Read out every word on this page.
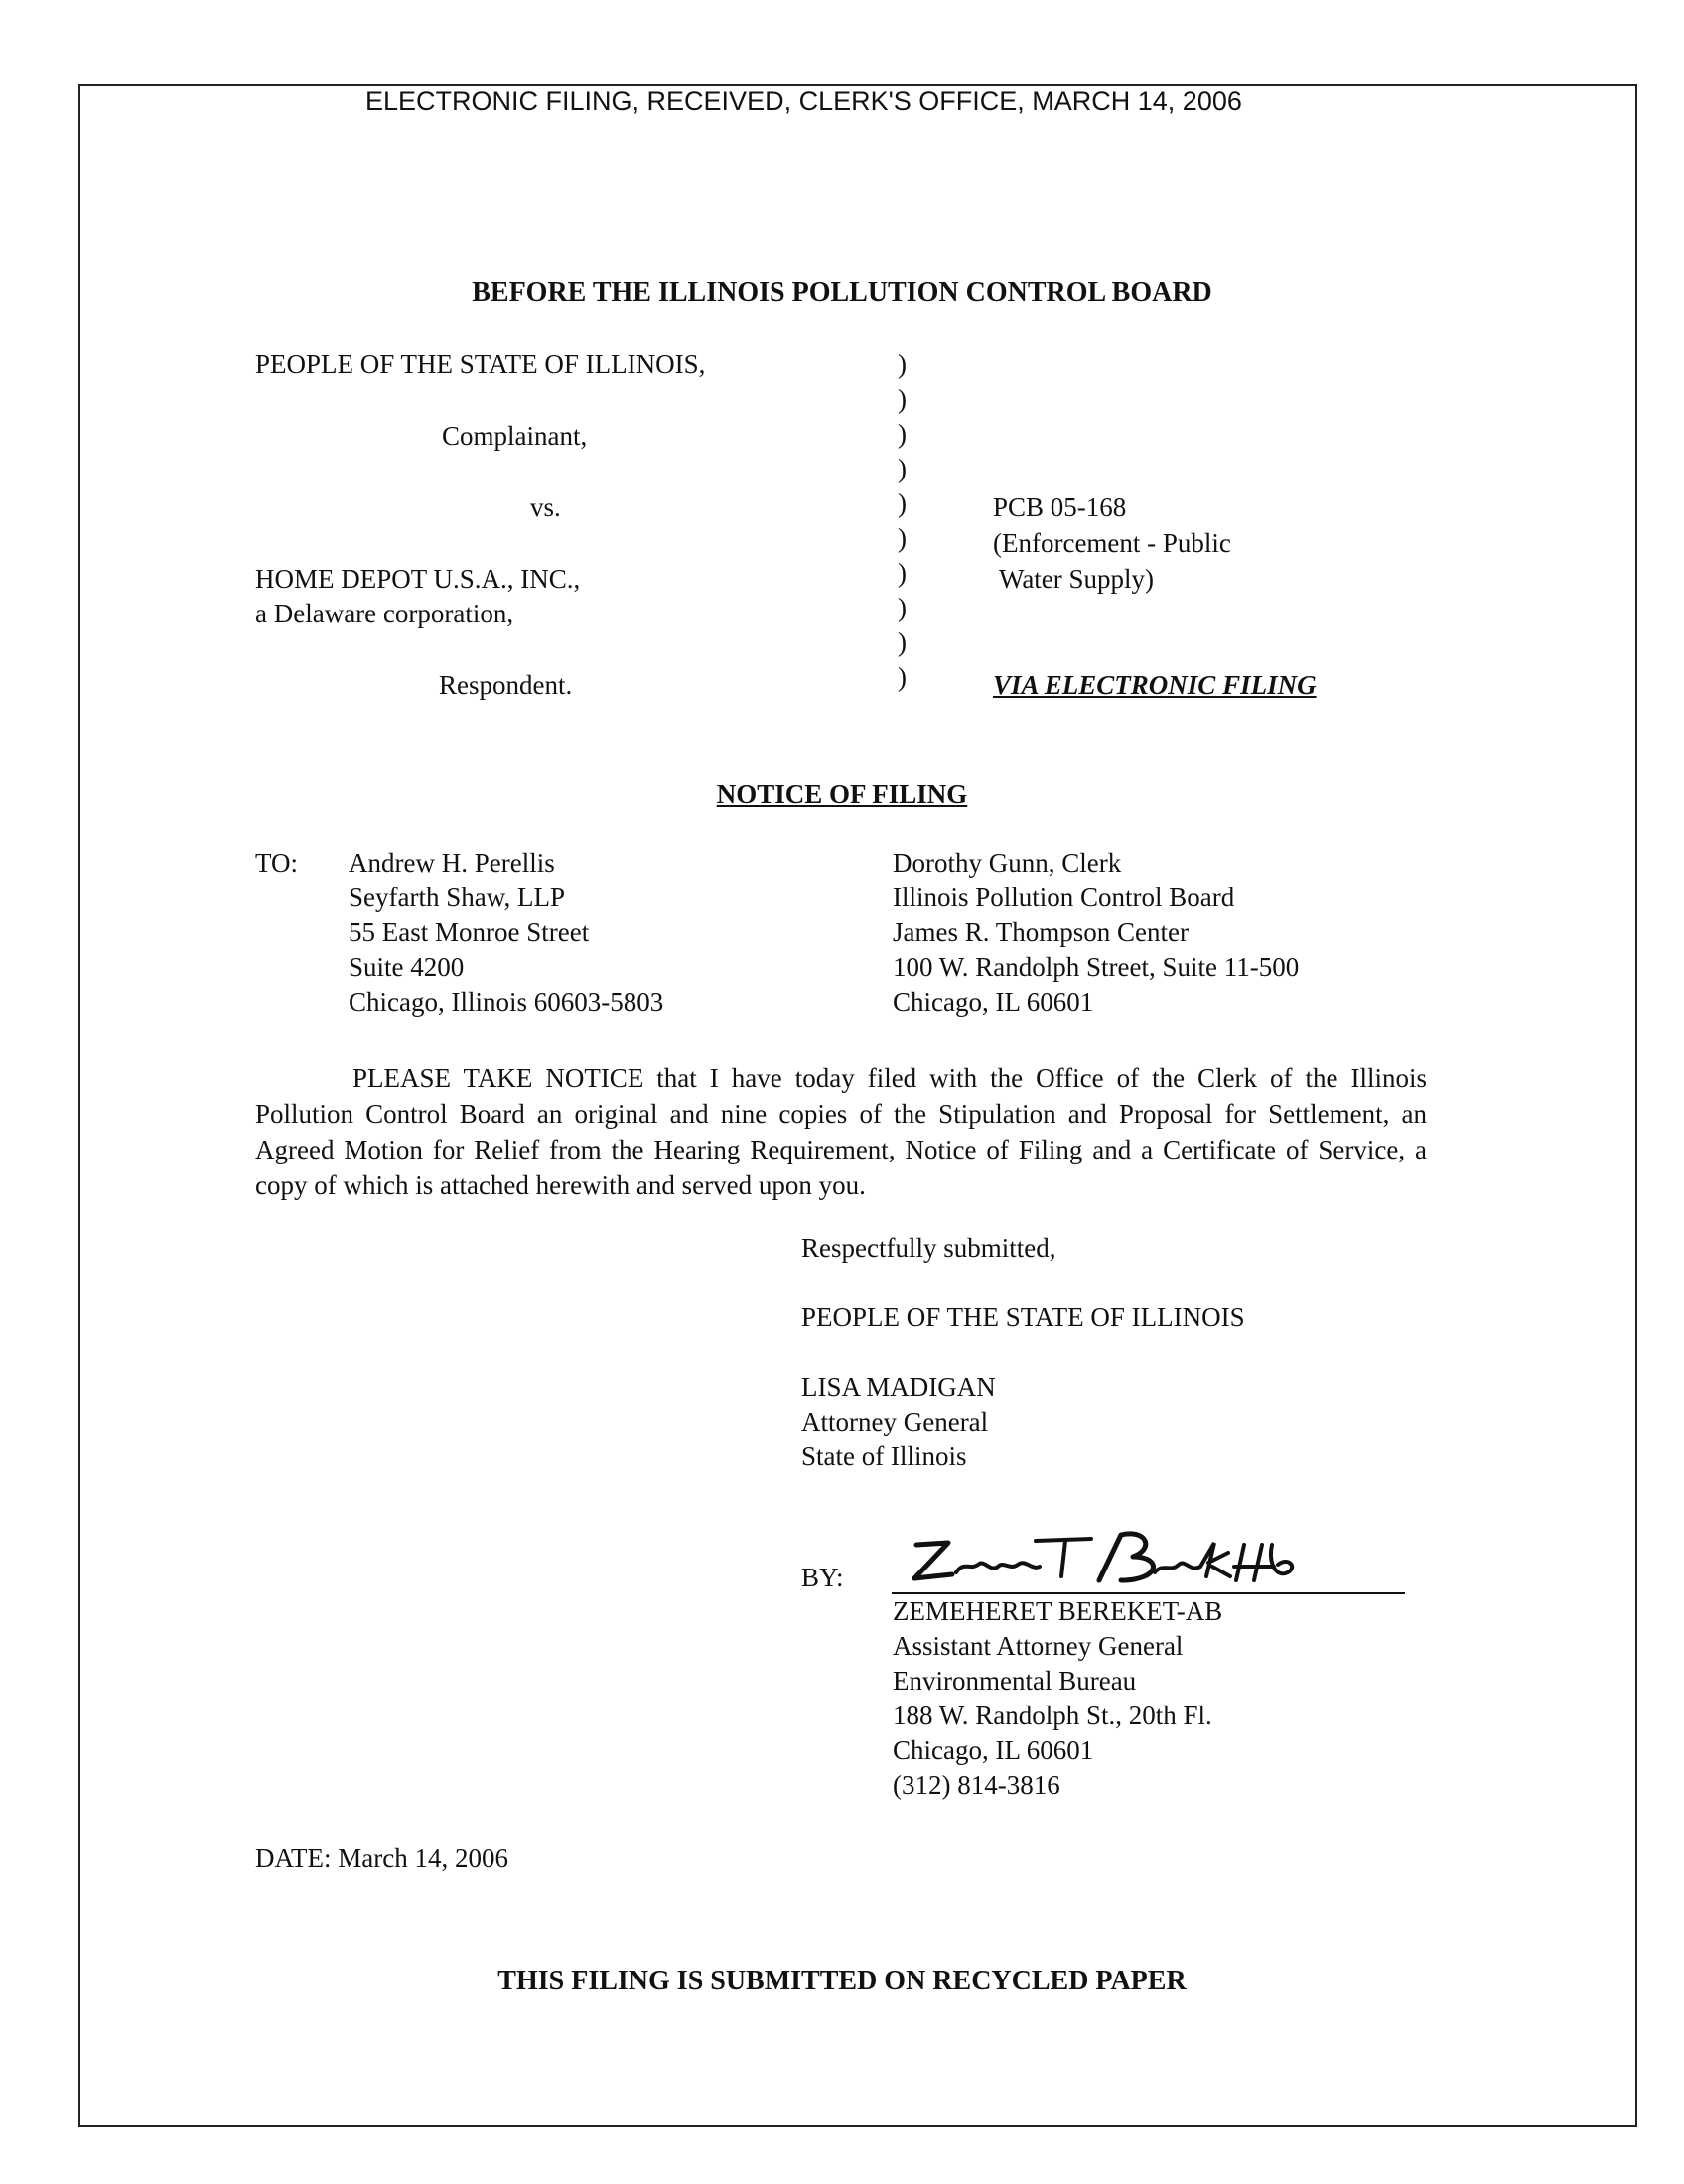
ELECTRONIC FILING, RECEIVED, CLERK'S OFFICE, MARCH 14, 2006
BEFORE THE ILLINOIS POLLUTION CONTROL BOARD
PEOPLE OF THE STATE OF ILLINOIS,
Complainant,
vs.
HOME DEPOT U.S.A., INC.,
a Delaware corporation,
Respondent.
)
)
)
)
)
)
)
)
)
)
PCB 05-168
(Enforcement - Public
Water Supply)
VIA ELECTRONIC FILING
NOTICE OF FILING
TO: Andrew H. Perellis
Seyfarth Shaw, LLP
55 East Monroe Street
Suite 4200
Chicago, Illinois 60603-5803
Dorothy Gunn, Clerk
Illinois Pollution Control Board
James R. Thompson Center
100 W. Randolph Street, Suite 11-500
Chicago, IL 60601
PLEASE TAKE NOTICE that I have today filed with the Office of the Clerk of the Illinois Pollution Control Board an original and nine copies of the Stipulation and Proposal for Settlement, an Agreed Motion for Relief from the Hearing Requirement, Notice of Filing and a Certificate of Service, a copy of which is attached herewith and served upon you.
Respectfully submitted,
PEOPLE OF THE STATE OF ILLINOIS
LISA MADIGAN
Attorney General
State of Illinois
BY:
ZEMEHERET BEREKET-AB
Assistant Attorney General
Environmental Bureau
188 W. Randolph St., 20th Fl.
Chicago, IL 60601
(312) 814-3816
DATE: March 14, 2006
THIS FILING IS SUBMITTED ON RECYCLED PAPER
